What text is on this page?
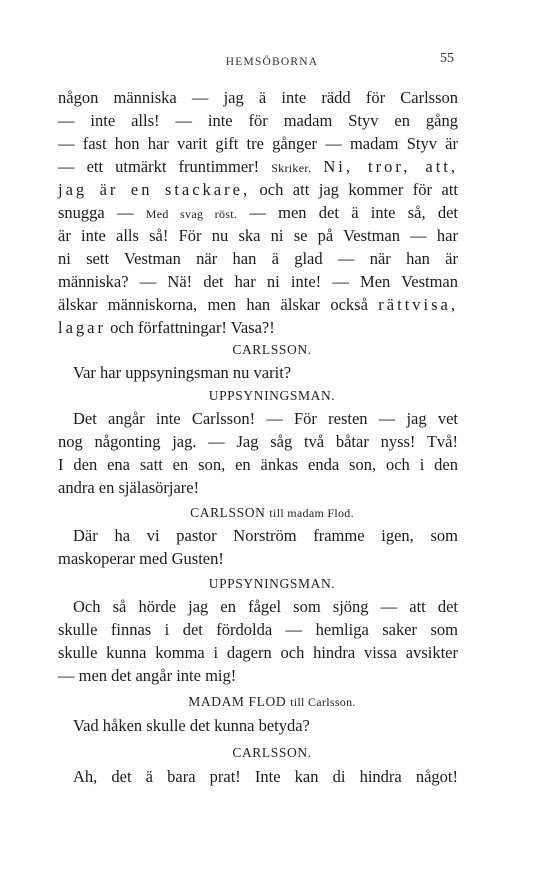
HEMSÖBORNA	55
någon människa — jag ä inte rädd för Carlsson
— inte alls! — inte för madam Styv en gång
— fast hon har varit gift tre gånger — madam Styv är
— ett utmärkt fruntimmer! Skriker. Ni, tror, att,
jag är en stackare, och att jag kommer för att
snugga — Med svag röst. — men det ä inte så, det
är inte alls så! För nu ska ni se på Vestman — har
ni sett Vestman när han ä glad — när han är
människa? — Nä! det har ni inte! — Men Vestman
älskar människorna, men han älskar också rättvisa,
lagar och författningar! Vasa?!
CARLSSON.
Var har uppsyningsman nu varit?
UPPSYNINGSMAN.
Det angår inte Carlsson! — För resten — jag vet
nog någonting jag. — Jag såg två båtar nyss! Två!
I den ena satt en son, en änkas enda son, och i den
andra en själasörjare!
CARLSSON till madam Flod.
Där ha vi pastor Norström framme igen, som
maskoperar med Gusten!
UPPSYNINGSMAN.
Och så hörde jag en fågel som sjöng — att det
skulle finnas i det fördolda — hemliga saker som
skulle kunna komma i dagern och hindra vissa avsikter
— men det angår inte mig!
MADAM FLOD till Carlsson.
Vad håken skulle det kunna betyda?
CARLSSON.
Ah, det ä bara prat! Inte kan di hindra något!
